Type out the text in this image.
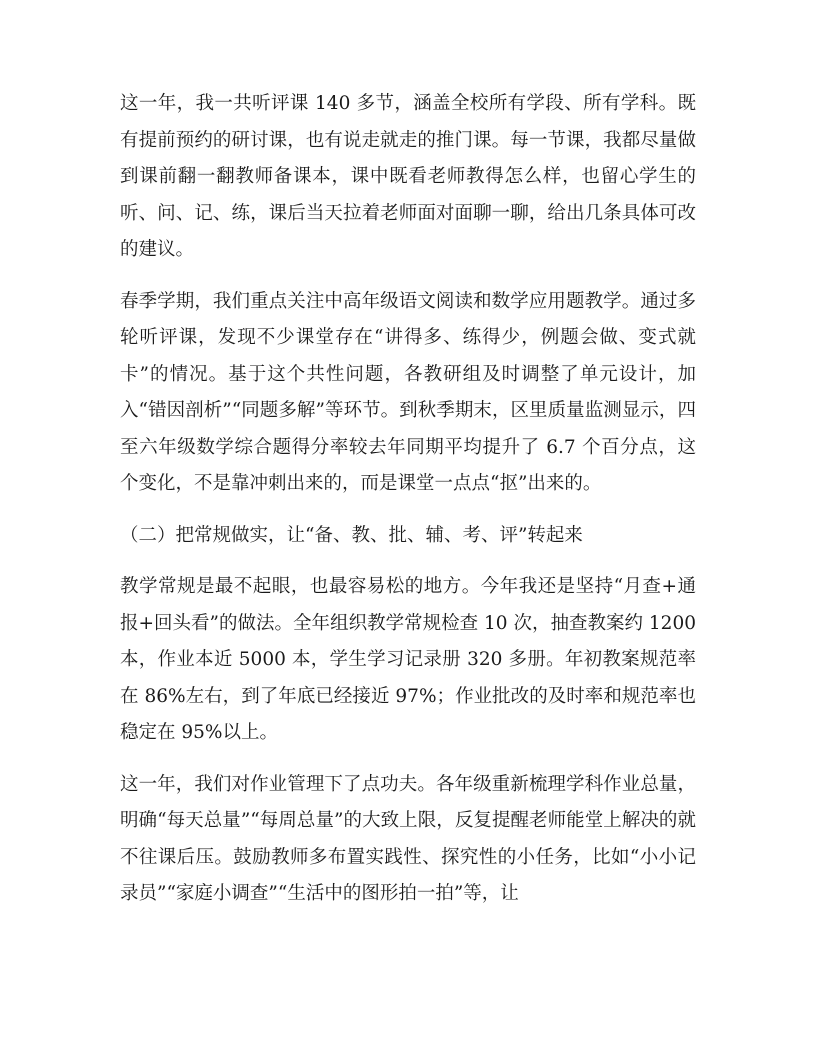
这一年，我一共听评课 140 多节，涵盖全校所有学段、所有学科。既有提前预约的研讨课，也有说走就走的推门课。每一节课，我都尽量做到课前翻一翻教师备课本，课中既看老师教得怎么样，也留心学生的听、问、记、练，课后当天拉着老师面对面聊一聊，给出几条具体可改的建议。

春季学期，我们重点关注中高年级语文阅读和数学应用题教学。通过多轮听评课，发现不少课堂存在“讲得多、练得少，例题会做、变式就卡”的情况。基于这个共性问题，各教研组及时调整了单元设计，加入“错因剖析”“同题多解”等环节。到秋季期末，区里质量监测显示，四至六年级数学综合题得分率较去年同期平均提升了 6.7 个百分点，这个变化，不是靠冲刺出来的，而是课堂一点点“抠”出来的。

（二）把常规做实，让“备、教、批、辅、考、评”转起来

教学常规是最不起眼，也最容易松的地方。今年我还是坚持“月查+通报+回头看”的做法。全年组织教学常规检查 10 次，抽查教案约 1200 本，作业本近 5000 本，学生学习记录册 320 多册。年初教案规范率在 86%左右，到了年底已经接近 97%；作业批改的及时率和规范率也稳定在 95%以上。

这一年，我们对作业管理下了点功夫。各年级重新梳理学科作业总量，明确“每天总量”“每周总量”的大致上限，反复提醒老师能堂上解决的就不往课后压。鼓励教师多布置实践性、探究性的小任务，比如“小小记录员”“家庭小调查”“生活中的图形拍一拍”等，让
